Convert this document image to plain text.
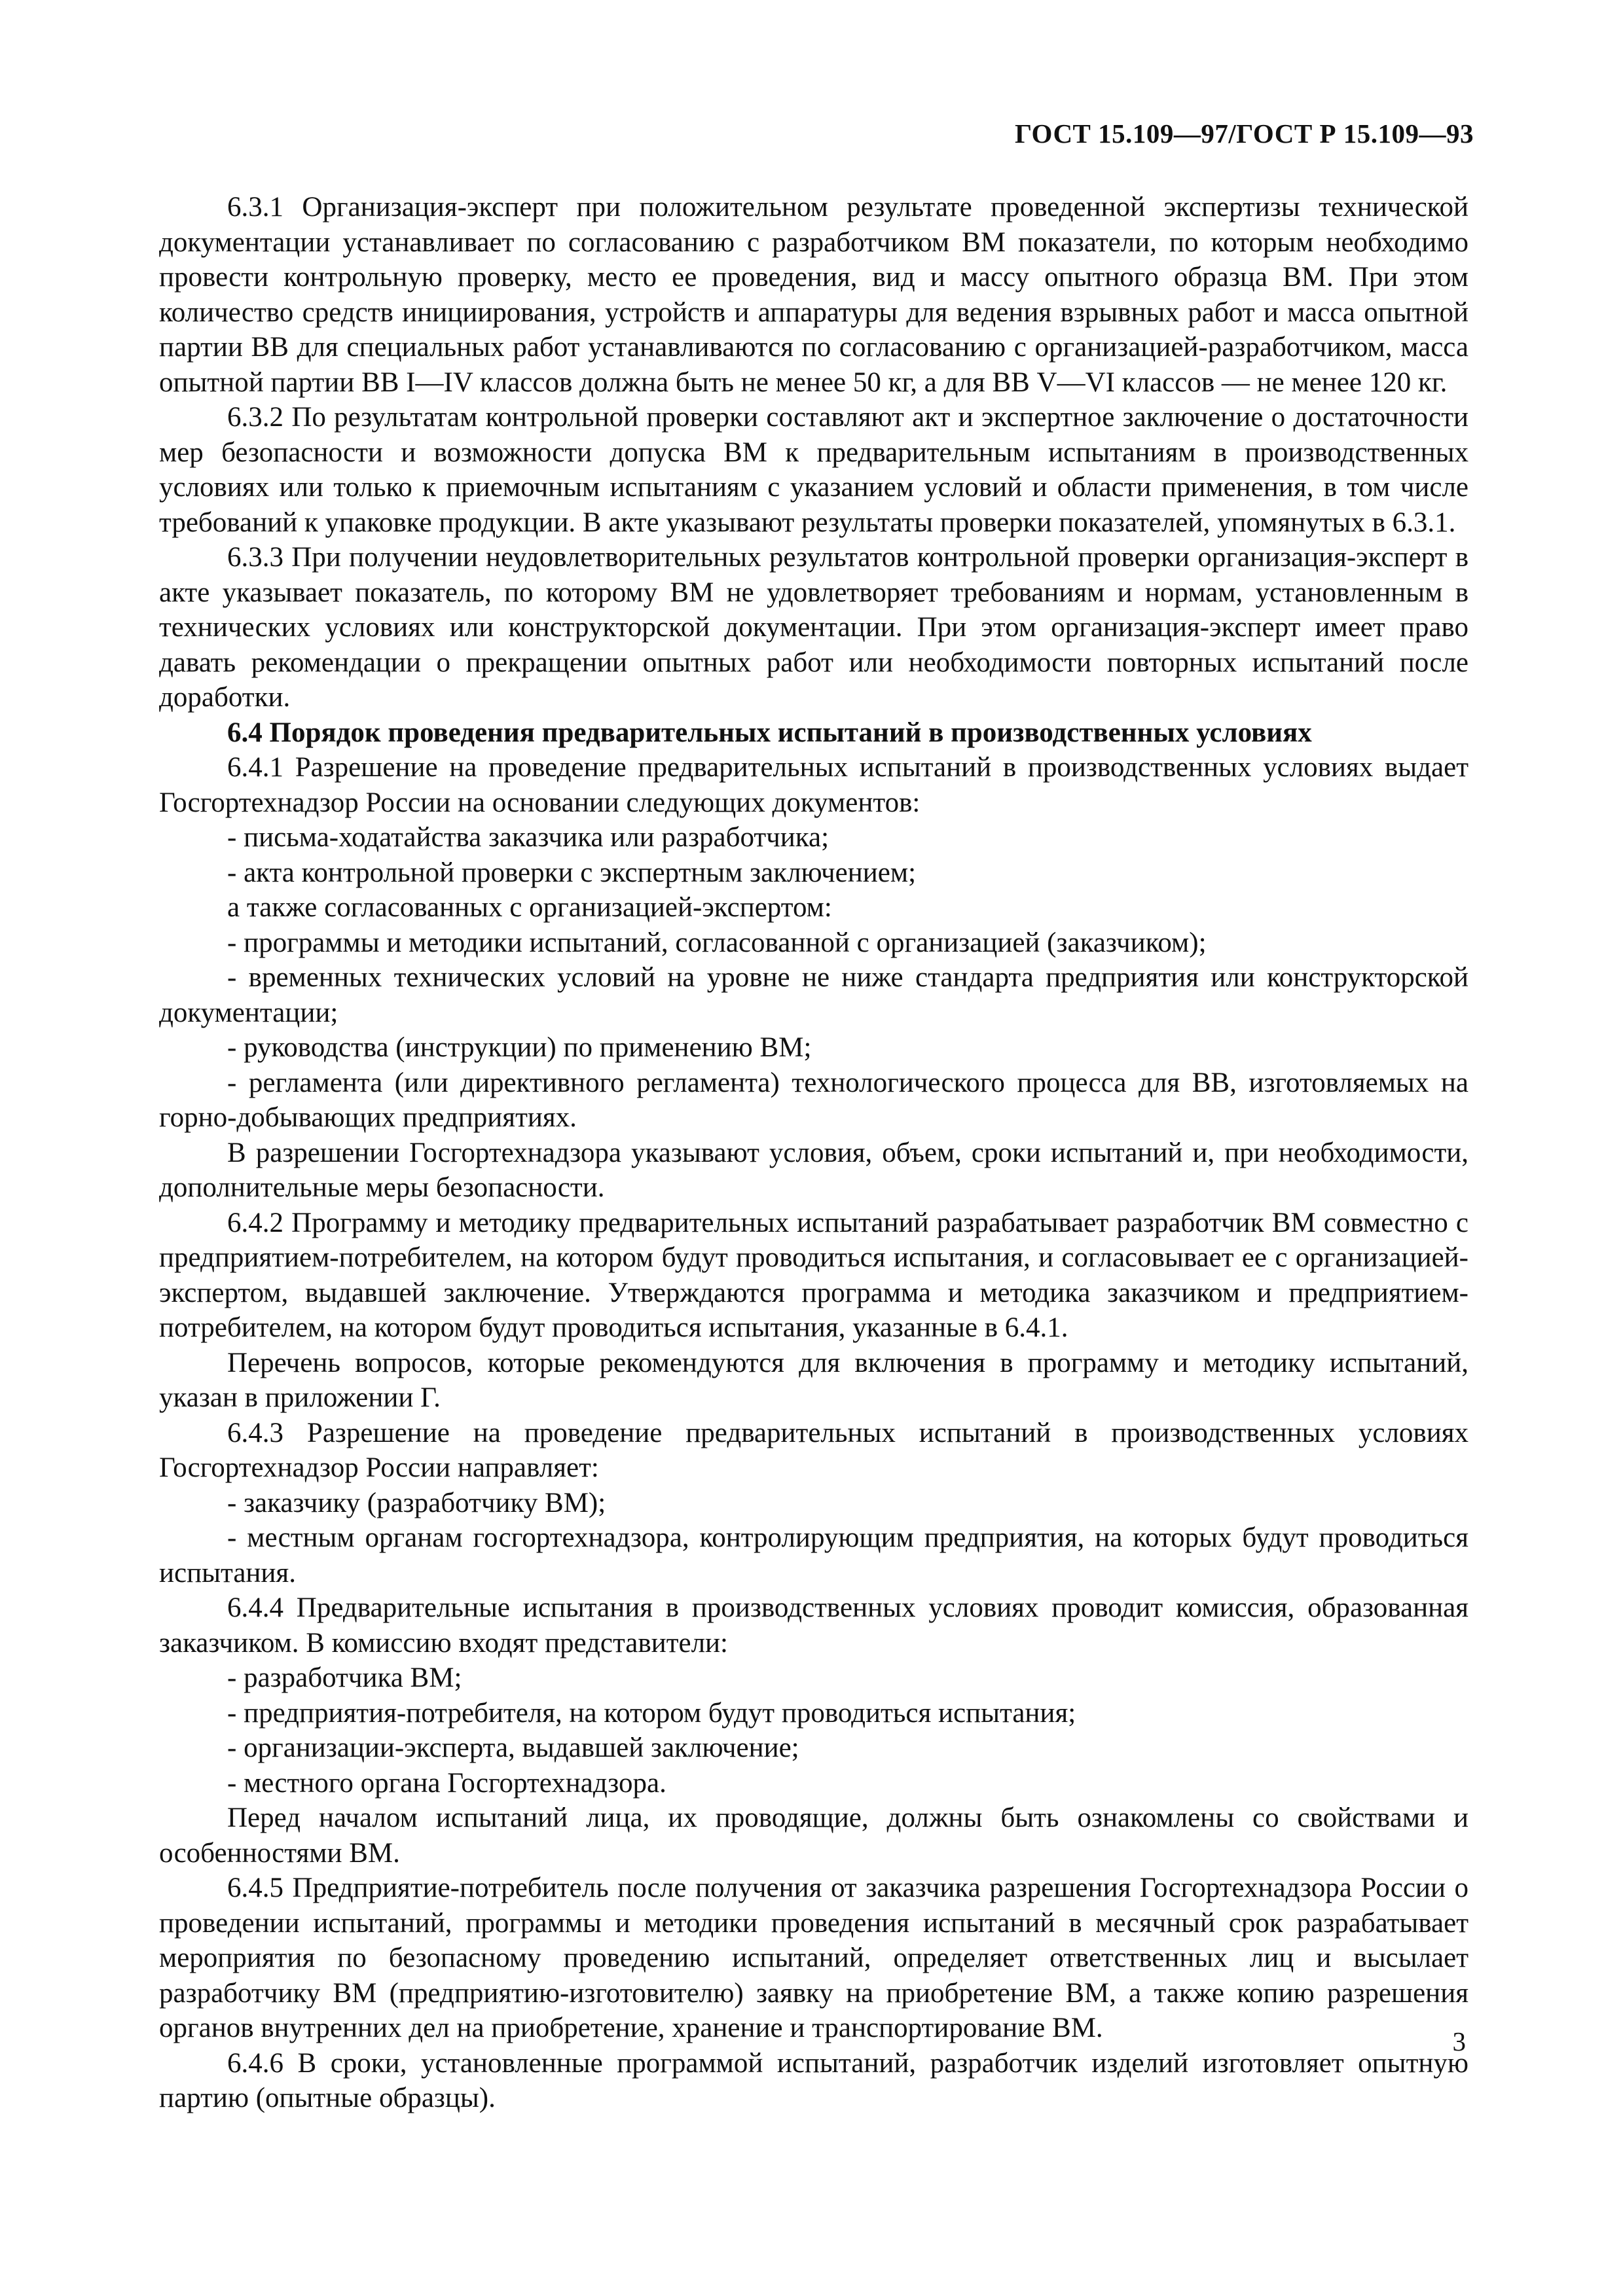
ГОСТ 15.109—97/ГОСТ Р 15.109—93

6.3.1 Организация-эксперт при положительном результате проведенной экспертизы технической документации устанавливает по согласованию с разработчиком ВМ показатели, по которым необходимо провести контрольную проверку, место ее проведения, вид и массу опытного образца ВМ. При этом количество средств инициирования, устройств и аппаратуры для ведения взрывных работ и масса опытной партии ВВ для специальных работ устанавливаются по согласованию с организацией-разработчиком, масса опытной партии ВВ I—IV классов должна быть не менее 50 кг, а для ВВ V—VI классов — не менее 120 кг.

6.3.2 По результатам контрольной проверки составляют акт и экспертное заключение о достаточности мер безопасности и возможности допуска ВМ к предварительным испытаниям в производственных условиях или только к приемочным испытаниям с указанием условий и области применения, в том числе требований к упаковке продукции. В акте указывают результаты проверки показателей, упомянутых в 6.3.1.

6.3.3 При получении неудовлетворительных результатов контрольной проверки организация-эксперт в акте указывает показатель, по которому ВМ не удовлетворяет требованиям и нормам, установленным в технических условиях или конструкторской документации. При этом организация-эксперт имеет право давать рекомендации о прекращении опытных работ или необходимости повторных испытаний после доработки.

6.4 Порядок проведения предварительных испытаний в производственных условиях

6.4.1 Разрешение на проведение предварительных испытаний в производственных условиях выдает Госгортехнадзор России на основании следующих документов:

- письма-ходатайства заказчика или разработчика;

- акта контрольной проверки с экспертным заключением;

а также согласованных с организацией-экспертом:

- программы и методики испытаний, согласованной с организацией (заказчиком);

- временных технических условий на уровне не ниже стандарта предприятия или конструкторской документации;

- руководства (инструкции) по применению ВМ;

- регламента (или директивного регламента) технологического процесса для ВВ, изготовляемых на горно-добывающих предприятиях.

В разрешении Госгортехнадзора указывают условия, объем, сроки испытаний и, при необходимости, дополнительные меры безопасности.

6.4.2 Программу и методику предварительных испытаний разрабатывает разработчик ВМ совместно с предприятием-потребителем, на котором будут проводиться испытания, и согласовывает ее с организацией-экспертом, выдавшей заключение. Утверждаются программа и методика заказчиком и предприятием-потребителем, на котором будут проводиться испытания, указанные в 6.4.1.

Перечень вопросов, которые рекомендуются для включения в программу и методику испытаний, указан в приложении Г.

6.4.3 Разрешение на проведение предварительных испытаний в производственных условиях Госгортехнадзор России направляет:

- заказчику (разработчику ВМ);

- местным органам госгортехнадзора, контролирующим предприятия, на которых будут проводиться испытания.

6.4.4 Предварительные испытания в производственных условиях проводит комиссия, образованная заказчиком. В комиссию входят представители:

- разработчика ВМ;

- предприятия-потребителя, на котором будут проводиться испытания;

- организации-эксперта, выдавшей заключение;

- местного органа Госгортехнадзора.

Перед началом испытаний лица, их проводящие, должны быть ознакомлены со свойствами и особенностями ВМ.

6.4.5 Предприятие-потребитель после получения от заказчика разрешения Госгортехнадзора России о проведении испытаний, программы и методики проведения испытаний в месячный срок разрабатывает мероприятия по безопасному проведению испытаний, определяет ответственных лиц и высылает разработчику ВМ (предприятию-изготовителю) заявку на приобретение ВМ, а также копию разрешения органов внутренних дел на приобретение, хранение и транспортирование ВМ.

6.4.6 В сроки, установленные программой испытаний, разработчик изделий изготовляет опытную партию (опытные образцы).

3
